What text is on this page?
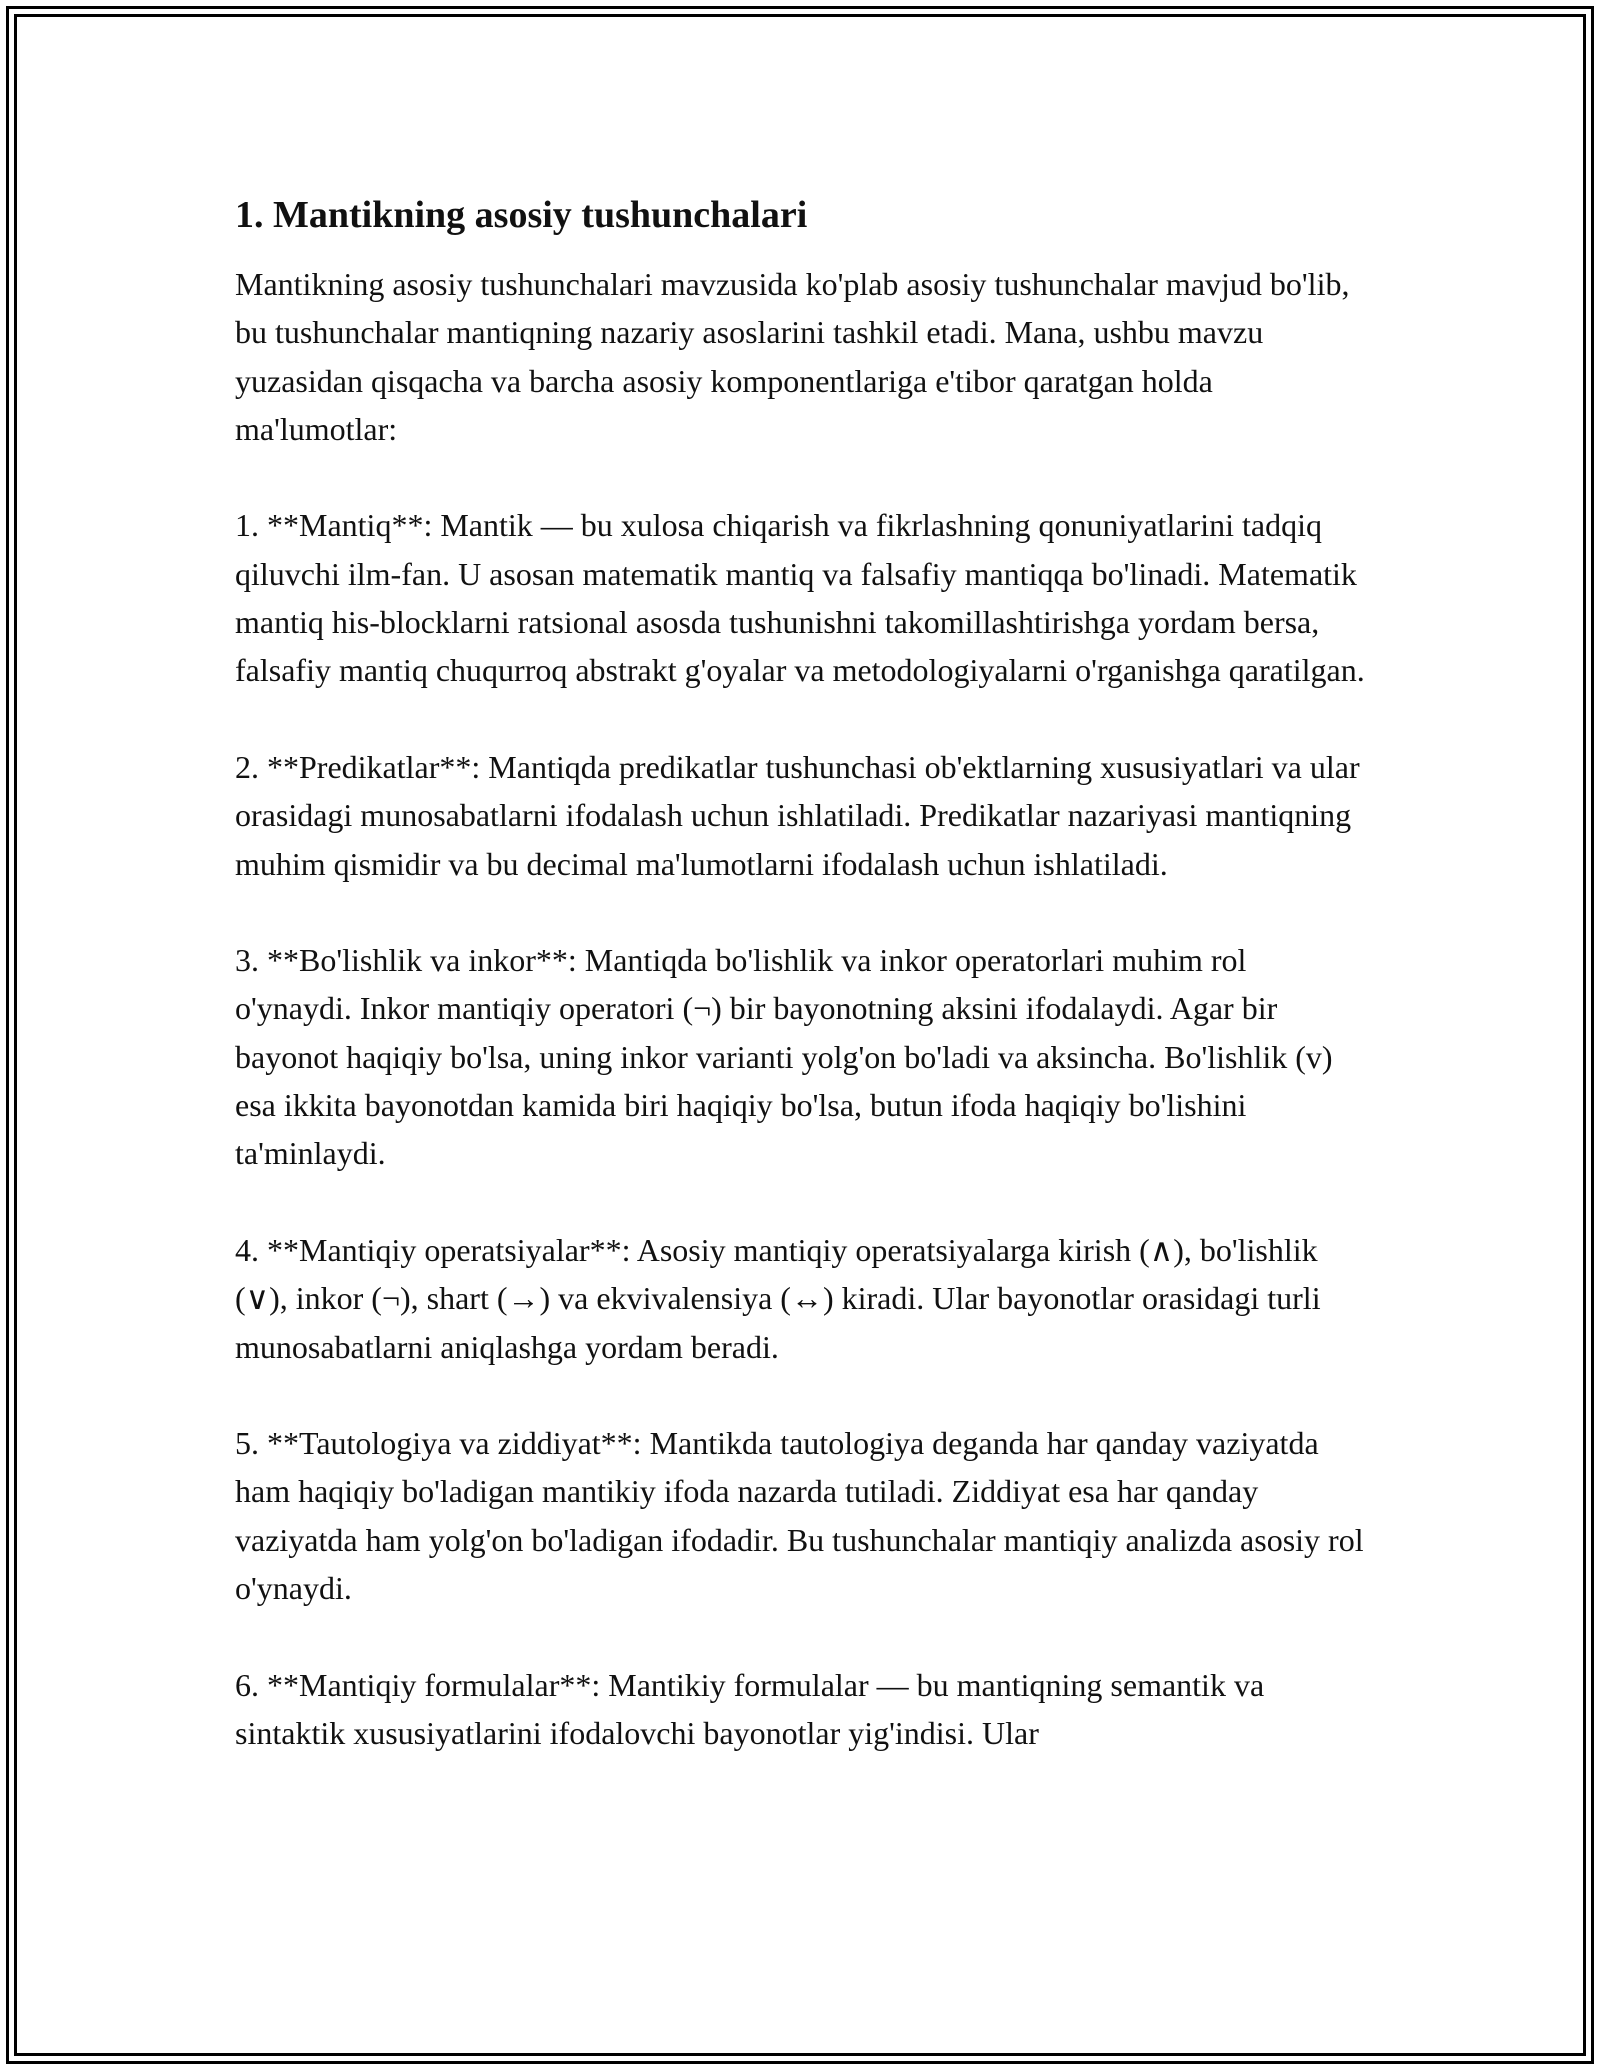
1. Mantikning asosiy tushunchalari

Mantikning asosiy tushunchalari mavzusida ko'plab asosiy tushunchalar mavjud bo'lib, bu tushunchalar mantiqning nazariy asoslarini tashkil etadi. Mana, ushbu mavzu yuzasidan qisqacha va barcha asosiy komponentlariga e'tibor qaratgan holda ma'lumotlar:

1. **Mantiq**: Mantik — bu xulosa chiqarish va fikrlashning qonuniyatlarini tadqiq qiluvchi ilm-fan. U asosan matematik mantiq va falsafiy mantiqqa bo'linadi. Matematik mantiq his-blocklarni ratsional asosda tushunishni takomillashtirishga yordam bersa, falsafiy mantiq chuqurroq abstrakt g'oyalar va metodologiyalarni o'rganishga qaratilgan.

2. **Predikatlar**: Mantiqda predikatlar tushunchasi ob'ektlarning xususiyatlari va ular orasidagi munosabatlarni ifodalash uchun ishlatiladi. Predikatlar nazariyasi mantiqning muhim qismidir va bu decimal ma'lumotlarni ifodalash uchun ishlatiladi.

3. **Bo'lishlik va inkor**: Mantiqda bo'lishlik va inkor operatorlari muhim rol o'ynaydi. Inkor mantiqiy operatori (¬) bir bayonotning aksini ifodalaydi. Agar bir bayonot haqiqiy bo'lsa, uning inkor varianti yolg'on bo'ladi va aksincha. Bo'lishlik (v) esa ikkita bayonotdan kamida biri haqiqiy bo'lsa, butun ifoda haqiqiy bo'lishini ta'minlaydi.

4. **Mantiqiy operatsiyalar**: Asosiy mantiqiy operatsiyalarga kirish (∧), bo'lishlik (∨), inkor (¬), shart (→) va ekvivalensiya (↔) kiradi. Ular bayonotlar orasidagi turli munosabatlarni aniqlashga yordam beradi.

5. **Tautologiya va ziddiyat**: Mantikda tautologiya deganda har qanday vaziyatda ham haqiqiy bo'ladigan mantikiy ifoda nazarda tutiladi. Ziddiyat esa har qanday vaziyatda ham yolg'on bo'ladigan ifodadir. Bu tushunchalar mantiqiy analizda asosiy rol o'ynaydi.

6. **Mantiqiy formulalar**: Mantikiy formulalar — bu mantiqning semantik va sintaktik xususiyatlarini ifodalovchi bayonotlar yig'indisi. Ular
